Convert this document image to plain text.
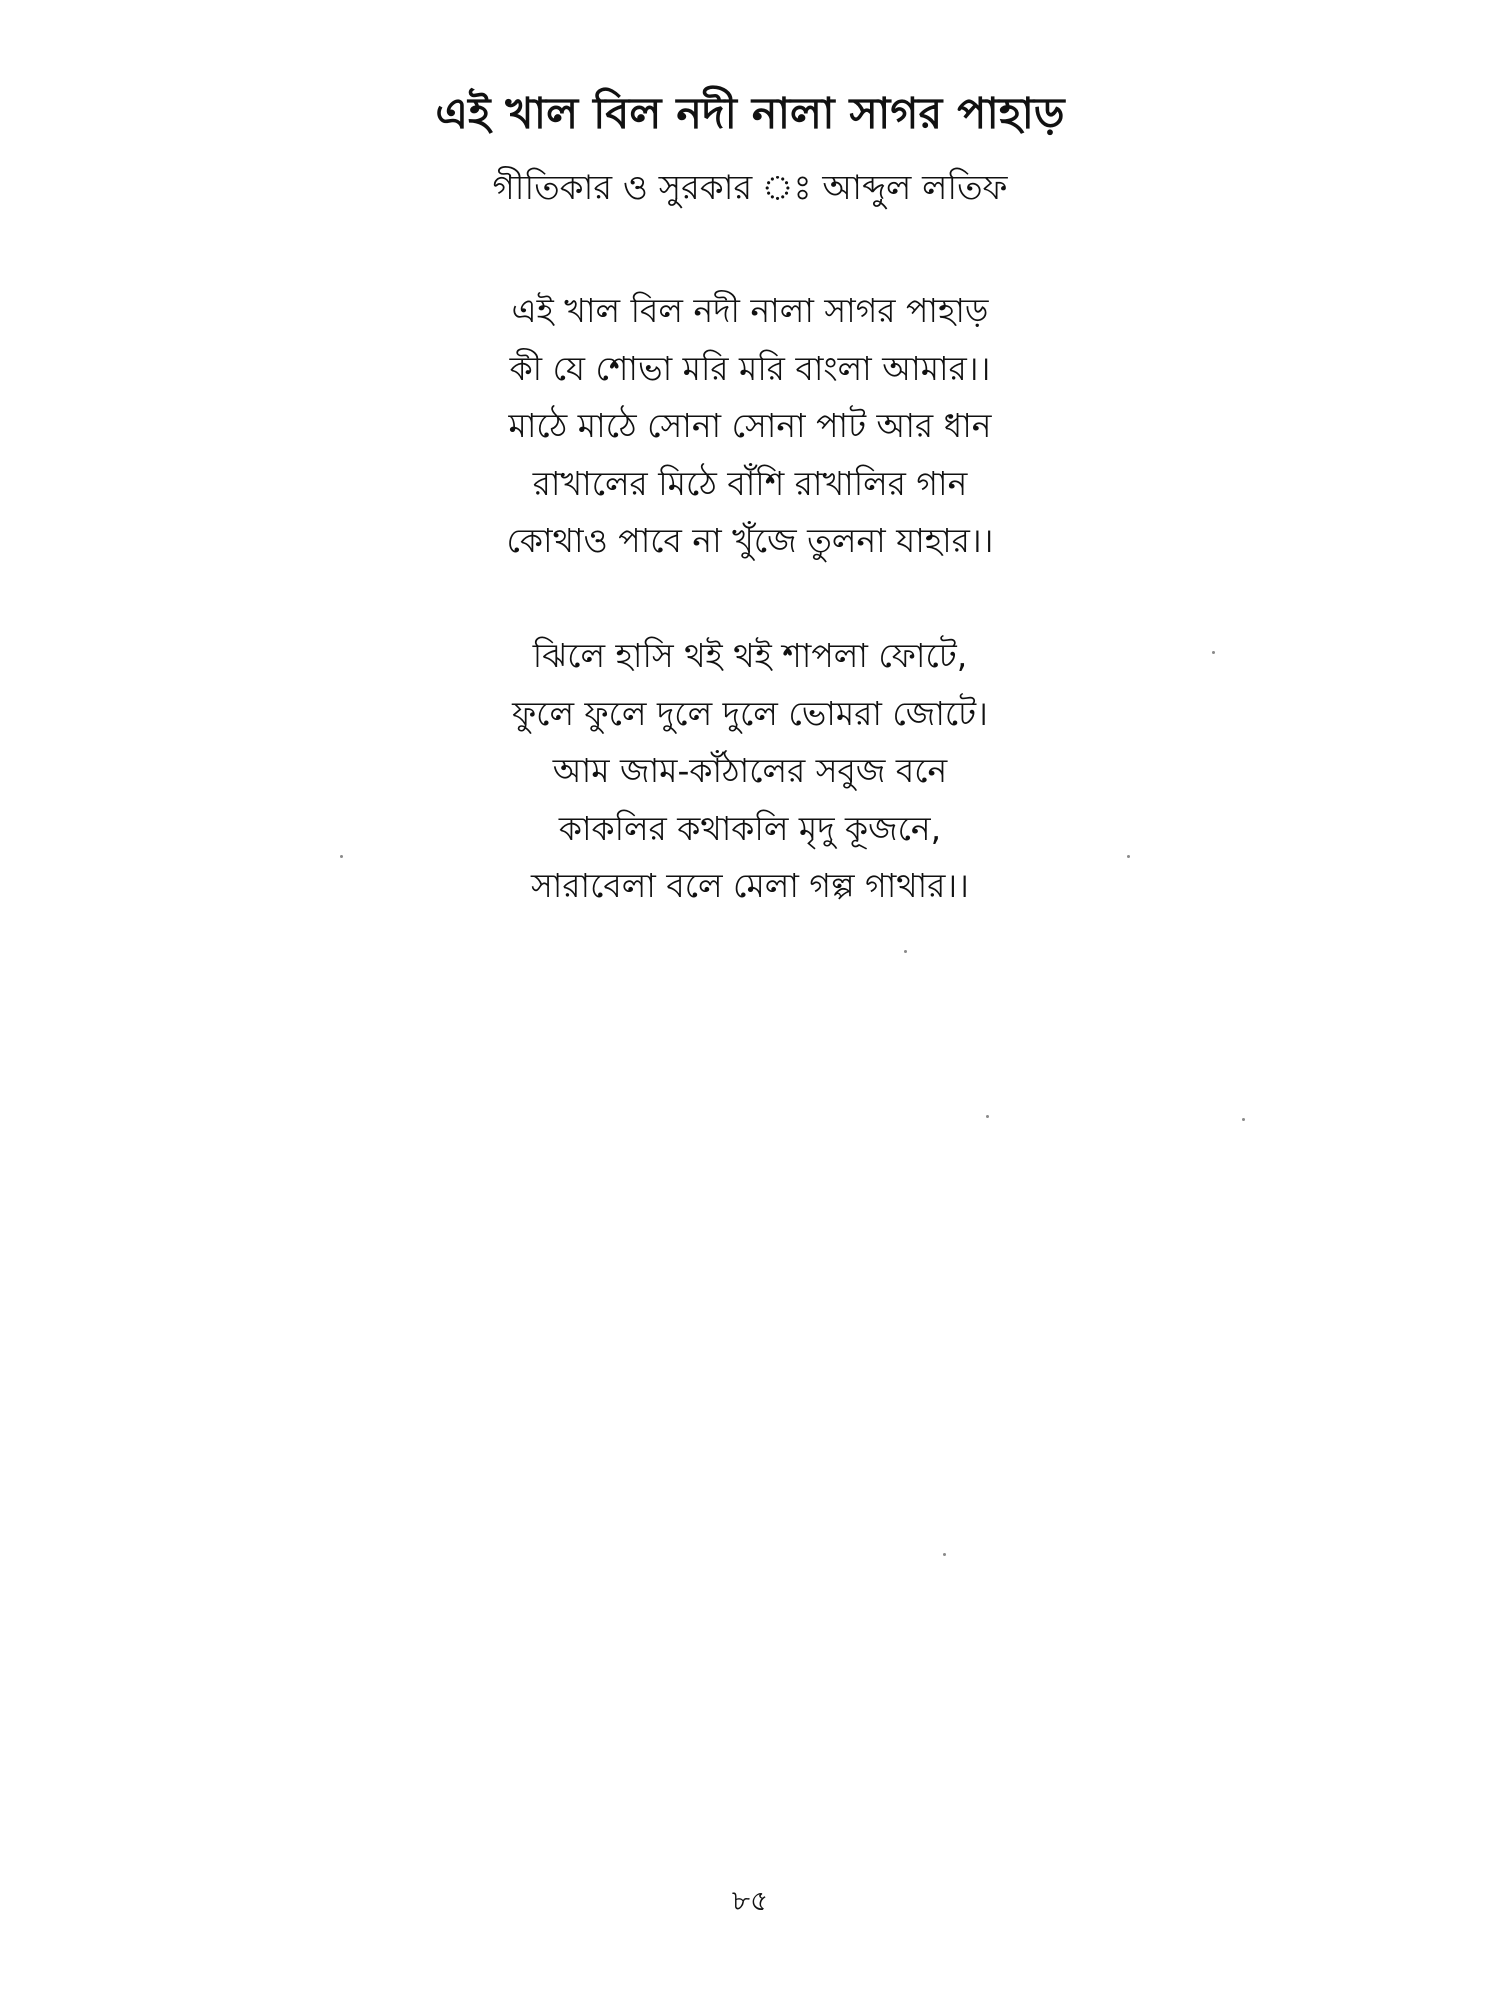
এই খাল বিল নদী নালা সাগর পাহাড়
গীতিকার ও সুরকার ঃ আব্দুল লতিফ
এই খাল বিল নদী নালা সাগর পাহাড়
কী যে শোভা মরি মরি বাংলা আমার।।
মাঠে মাঠে সোনা সোনা পাট আর ধান
রাখালের মিঠে বাঁশি রাখালির গান
কোথাও পাবে না খুঁজে তুলনা যাহার।।
ঝিলে হাসি থই থই শাপলা ফোটে,
ফুলে ফুলে দুলে দুলে ভোমরা জোটে।
আম জাম-কাঁঠালের সবুজ বনে
কাকলির কথাকলি মৃদু কূজনে,
সারাবেলা বলে মেলা গল্প গাথার।।
৮৫
